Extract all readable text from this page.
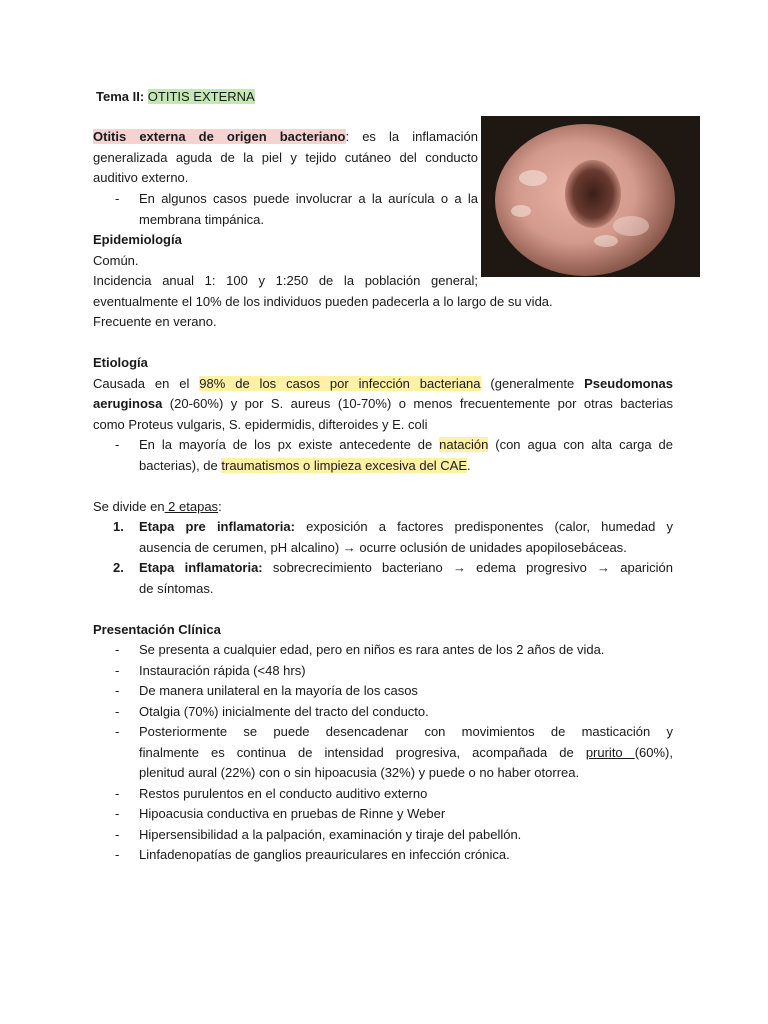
Tema II: OTITIS EXTERNA
Otitis externa de origen bacteriano: es la inflamación
generalizada aguda de la piel y tejido cutáneo del conducto
auditivo externo.
- En algunos casos puede involucrar a la aurícula o a la
membrana timpánica.
Epidemiología
Común.
Incidencia anual 1: 100 y 1:250 de la población general;
eventualmente el 10% de los individuos pueden padecerla a lo largo de su vida.
Frecuente en verano.
Etiología
Causada en el 98% de los casos por infección bacteriana (generalmente Pseudomonas
aeruginosa (20-60%) y por S. aureus (10-70%) o menos frecuentemente por otras bacterias
como Proteus vulgaris, S. epidermidis, difteroides y E. coli
- En la mayoría de los px existe antecedente de natación (con agua con alta carga de
bacterias), de traumatismos o limpieza excesiva del CAE.
Se divide en 2 etapas:
1. Etapa pre inflamatoria: exposición a factores predisponentes (calor, humedad y
ausencia de cerumen, pH alcalino) → ocurre oclusión de unidades apopilosebáceas.
2. Etapa inflamatoria: sobrecrecimiento bacteriano → edema progresivo → aparición
de síntomas.
Presentación Clínica
- Se presenta a cualquier edad, pero en niños es rara antes de los 2 años de vida.
- Instauración rápida (<48 hrs)
- De manera unilateral en la mayoría de los casos
- Otalgia (70%) inicialmente del tracto del conducto.
- Posteriormente se puede desencadenar con movimientos de masticación y
finalmente es continua de intensidad progresiva, acompañada de prurito (60%),
plenitud aural (22%) con o sin hipoacusia (32%) y puede o no haber otorrea.
- Restos purulentos en el conducto auditivo externo
- Hipoacusia conductiva en pruebas de Rinne y Weber
- Hipersensibilidad a la palpación, examinación y tiraje del pabellón.
- Linfadenopatías de ganglios preauriculares en infección crónica.
